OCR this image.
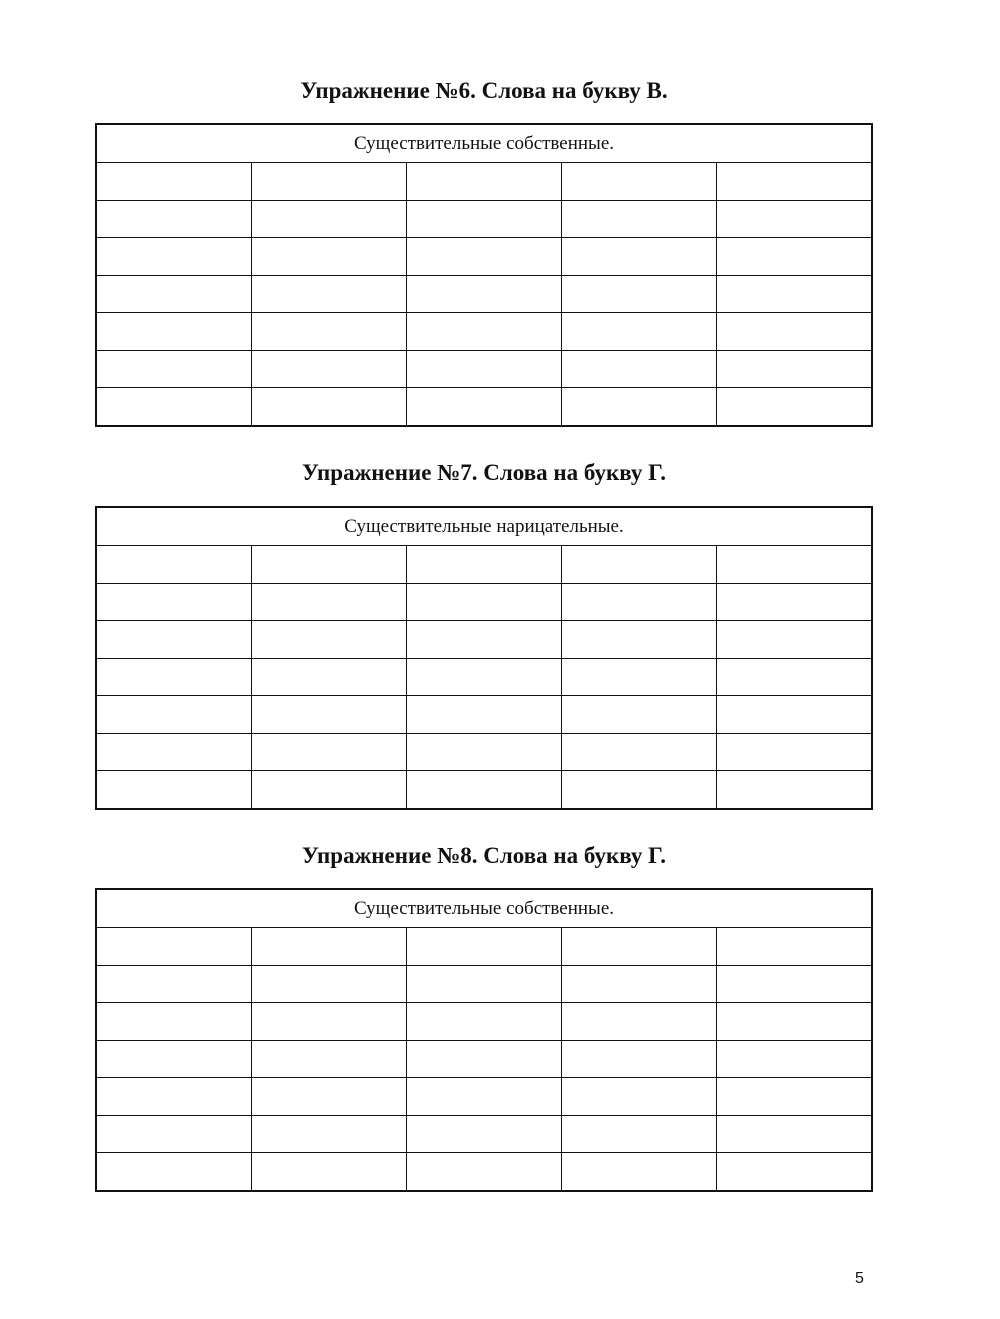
Упражнение №6. Слова на букву В.
Существительные собственные.				

Упражнение №7. Слова на букву Г.
Существительные нарицательные.				

Упражнение №8. Слова на букву Г.
Существительные собственные.				

5
